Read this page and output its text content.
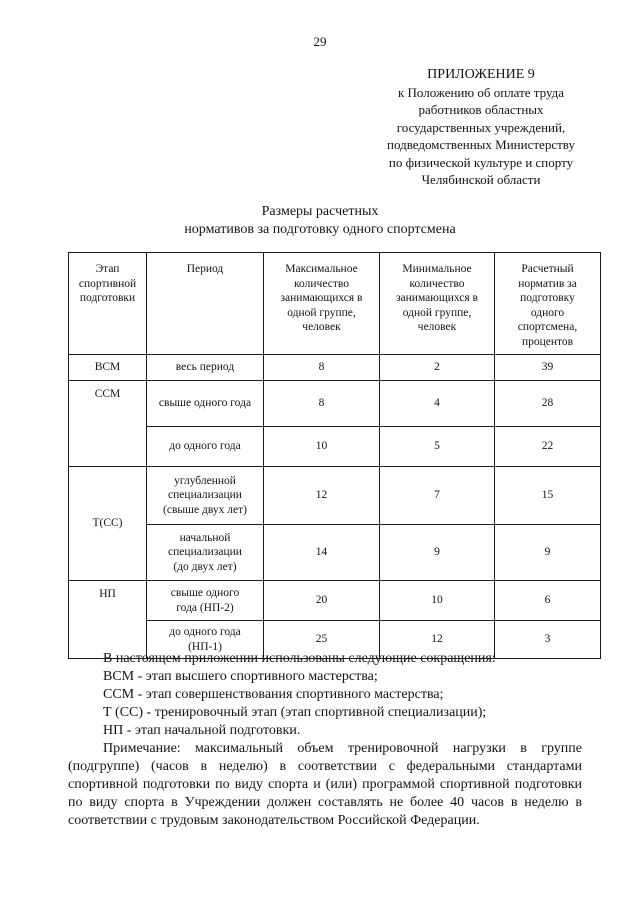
29
ПРИЛОЖЕНИЕ 9
к Положению об оплате труда
работников областных
государственных учреждений,
подведомственных Министерству
по физической культуре и спорту
Челябинской области
Размеры расчетных
нормативов за подготовку одного спортсмена
Этап спортивной подготовки	Период	Максимальное количество занимающихся в одной группе, человек	Минимальное количество занимающихся в одной группе, человек	Расчетный норматив за подготовку одного спортсмена, процентов
ВСМ	весь период	8	2	39
ССМ	свыше одного года	8	4	28
	до одного года	10	5	22
Т(СС)	углубленной специализации (свыше двух лет)	12	7	15
	начальной специализации (до двух лет)	14	9	9
НП	свыше одного года (НП-2)	20	10	6
	до одного года (НП-1)	25	12	3

В настоящем приложении использованы следующие сокращения:

ВСМ - этап высшего спортивного мастерства;

ССМ - этап совершенствования спортивного мастерства;

Т (СС) - тренировочный этап (этап спортивной специализации);

НП - этап начальной подготовки.

Примечание: максимальный объем тренировочной нагрузки в группе (подгруппе) (часов в неделю) в соответствии с федеральными стандартами спортивной подготовки по виду спорта и (или) программой спортивной подготовки по виду спорта в Учреждении должен составлять не более 40 часов в неделю в соответствии с трудовым законодательством Российской Федерации.
